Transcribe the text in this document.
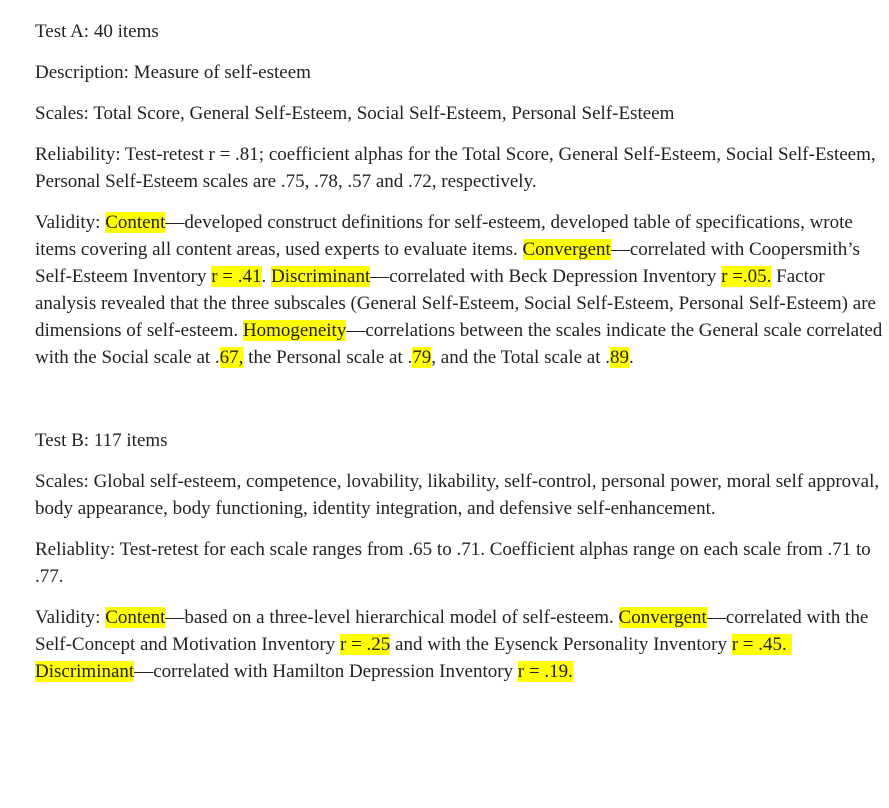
Test A: 40 items

Description: Measure of self-esteem

Scales: Total Score, General Self-Esteem, Social Self-Esteem, Personal Self-Esteem

Reliability: Test-retest r = .81; coefficient alphas for the Total Score, General Self-Esteem, Social Self-Esteem, Personal Self-Esteem scales are .75, .78, .57 and .72, respectively.

Validity: Content—developed construct definitions for self-esteem, developed table of specifications, wrote items covering all content areas, used experts to evaluate items. Convergent—correlated with Coopersmith’s Self-Esteem Inventory r = .41. Discriminant—correlated with Beck Depression Inventory r =.05. Factor analysis revealed that the three subscales (General Self-Esteem, Social Self-Esteem, Personal Self-Esteem) are dimensions of self-esteem. Homogeneity—correlations between the scales indicate the General scale correlated with the Social scale at .67, the Personal scale at .79, and the Total scale at .89.

Test B: 117 items

Scales: Global self-esteem, competence, lovability, likability, self-control, personal power, moral self approval, body appearance, body functioning, identity integration, and defensive self-enhancement.

Reliablity: Test-retest for each scale ranges from .65 to .71. Coefficient alphas range on each scale from .71 to .77.

Validity: Content—based on a three-level hierarchical model of self-esteem. Convergent—correlated with the Self-Concept and Motivation Inventory r = .25 and with the Eysenck Personality Inventory r = .45. Discriminant—correlated with Hamilton Depression Inventory r = .19.
